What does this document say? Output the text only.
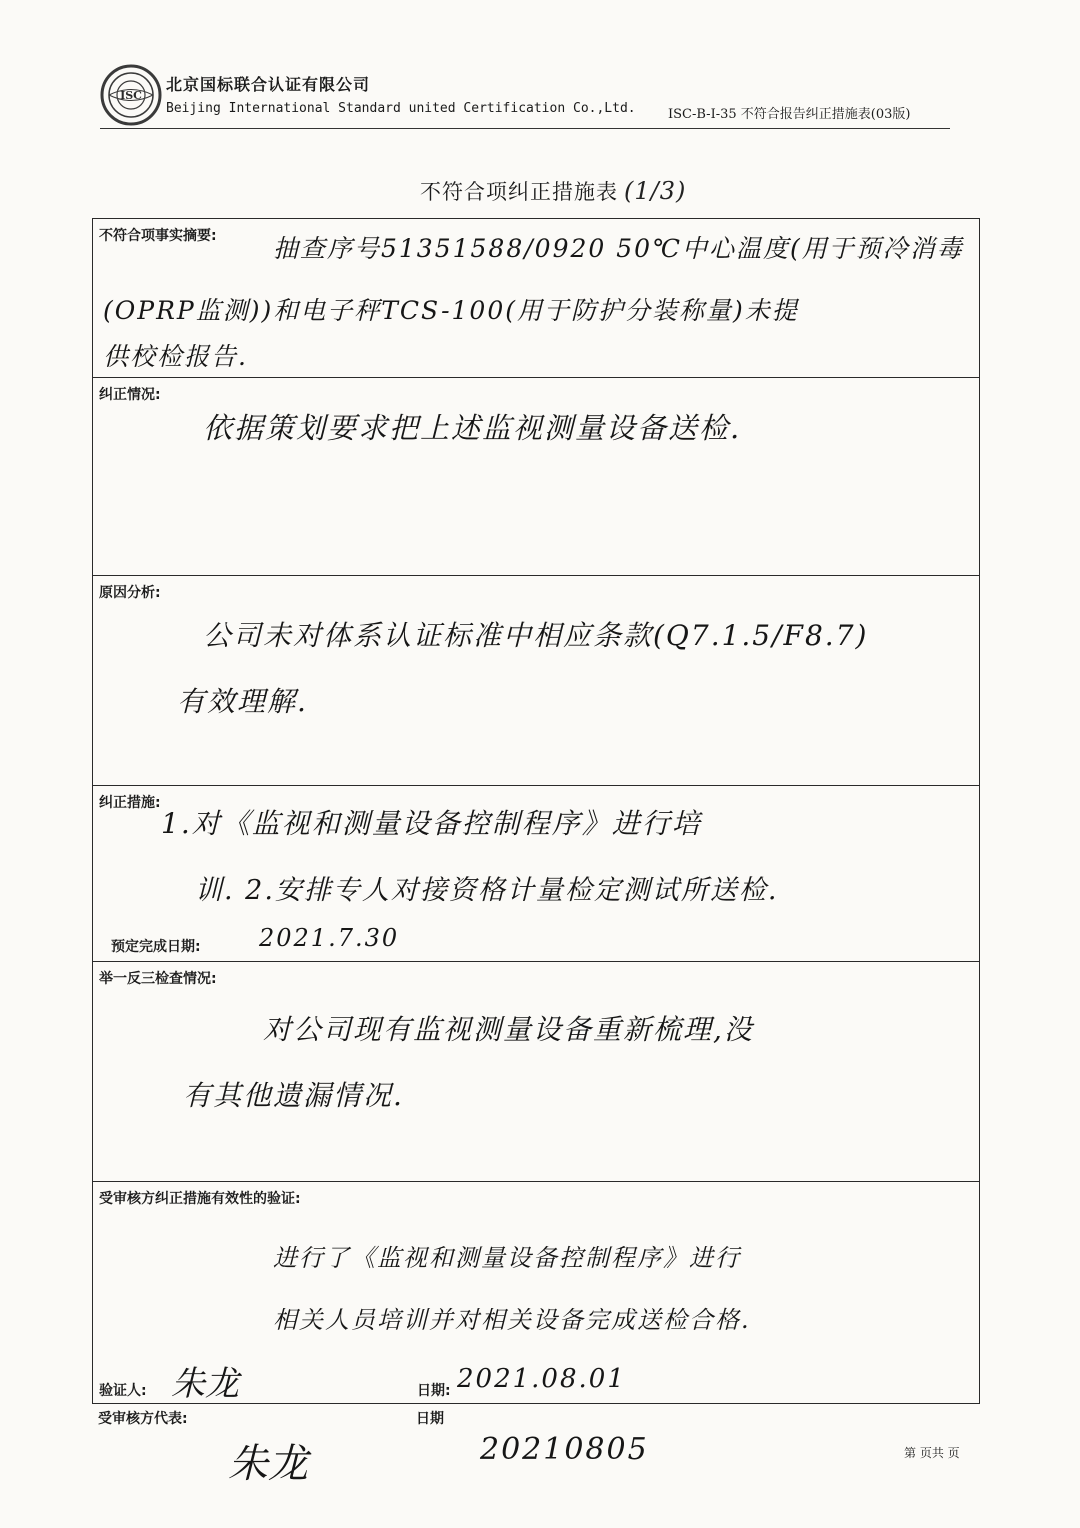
ISC
北京国标联合认证有限公司
Beijing International Standard united Certification Co.,Ltd. ISC-B-I-35 不符合报告纠正措施表(03版)
不符合项纠正措施表 (1/3)
不符合项事实摘要: 抽查序号51351588/0920 50℃中心温度(用于预冷消毒
(OPRP监测))和电子秤TCS-100(用于防护分装称量)未提
供校检报告.
纠正情况:
依据策划要求把上述监视测量设备送检.
原因分析:
公司未对体系认证标准中相应条款(Q7.1.5/F8.7)
有效理解.
纠正措施:
1.对《监视和测量设备控制程序》进行培
训. 2.安排专人对接资格计量检定测试所送检.
预定完成日期: 2021.7.30
举一反三检查情况:
对公司现有监视测量设备重新梳理,没
有其他遗漏情况.
受审核方纠正措施有效性的验证:
进行了《监视和测量设备控制程序》进行
相关人员培训并对相关设备完成送检合格.
验证人: 朱龙	日期: 2021.08.01
受审核方代表:
朱龙
日期
20210805	第 页共 页
